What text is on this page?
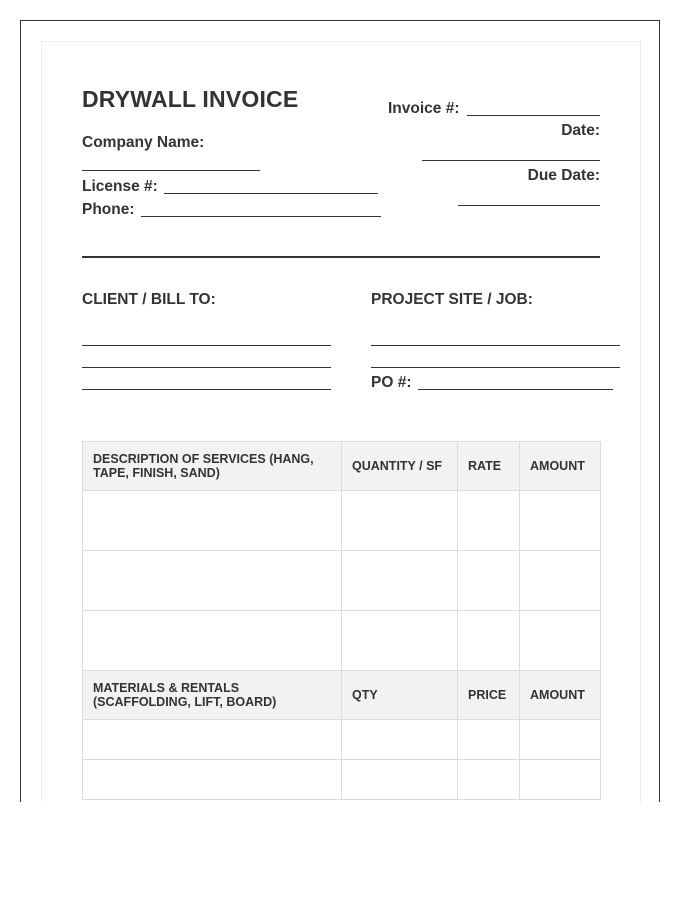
DRYWALL INVOICE
Company Name:
License #:
Phone:
Invoice #:
Date:
Due Date:
CLIENT / BILL TO:	PROJECT SITE / JOB:
PO #:
DESCRIPTION OF SERVICES (HANG, TAPE, FINISH, SAND)	QUANTITY / SF	RATE	AMOUNT

MATERIALS & RENTALS (SCAFFOLDING, LIFT, BOARD)	QTY	PRICE	AMOUNT
